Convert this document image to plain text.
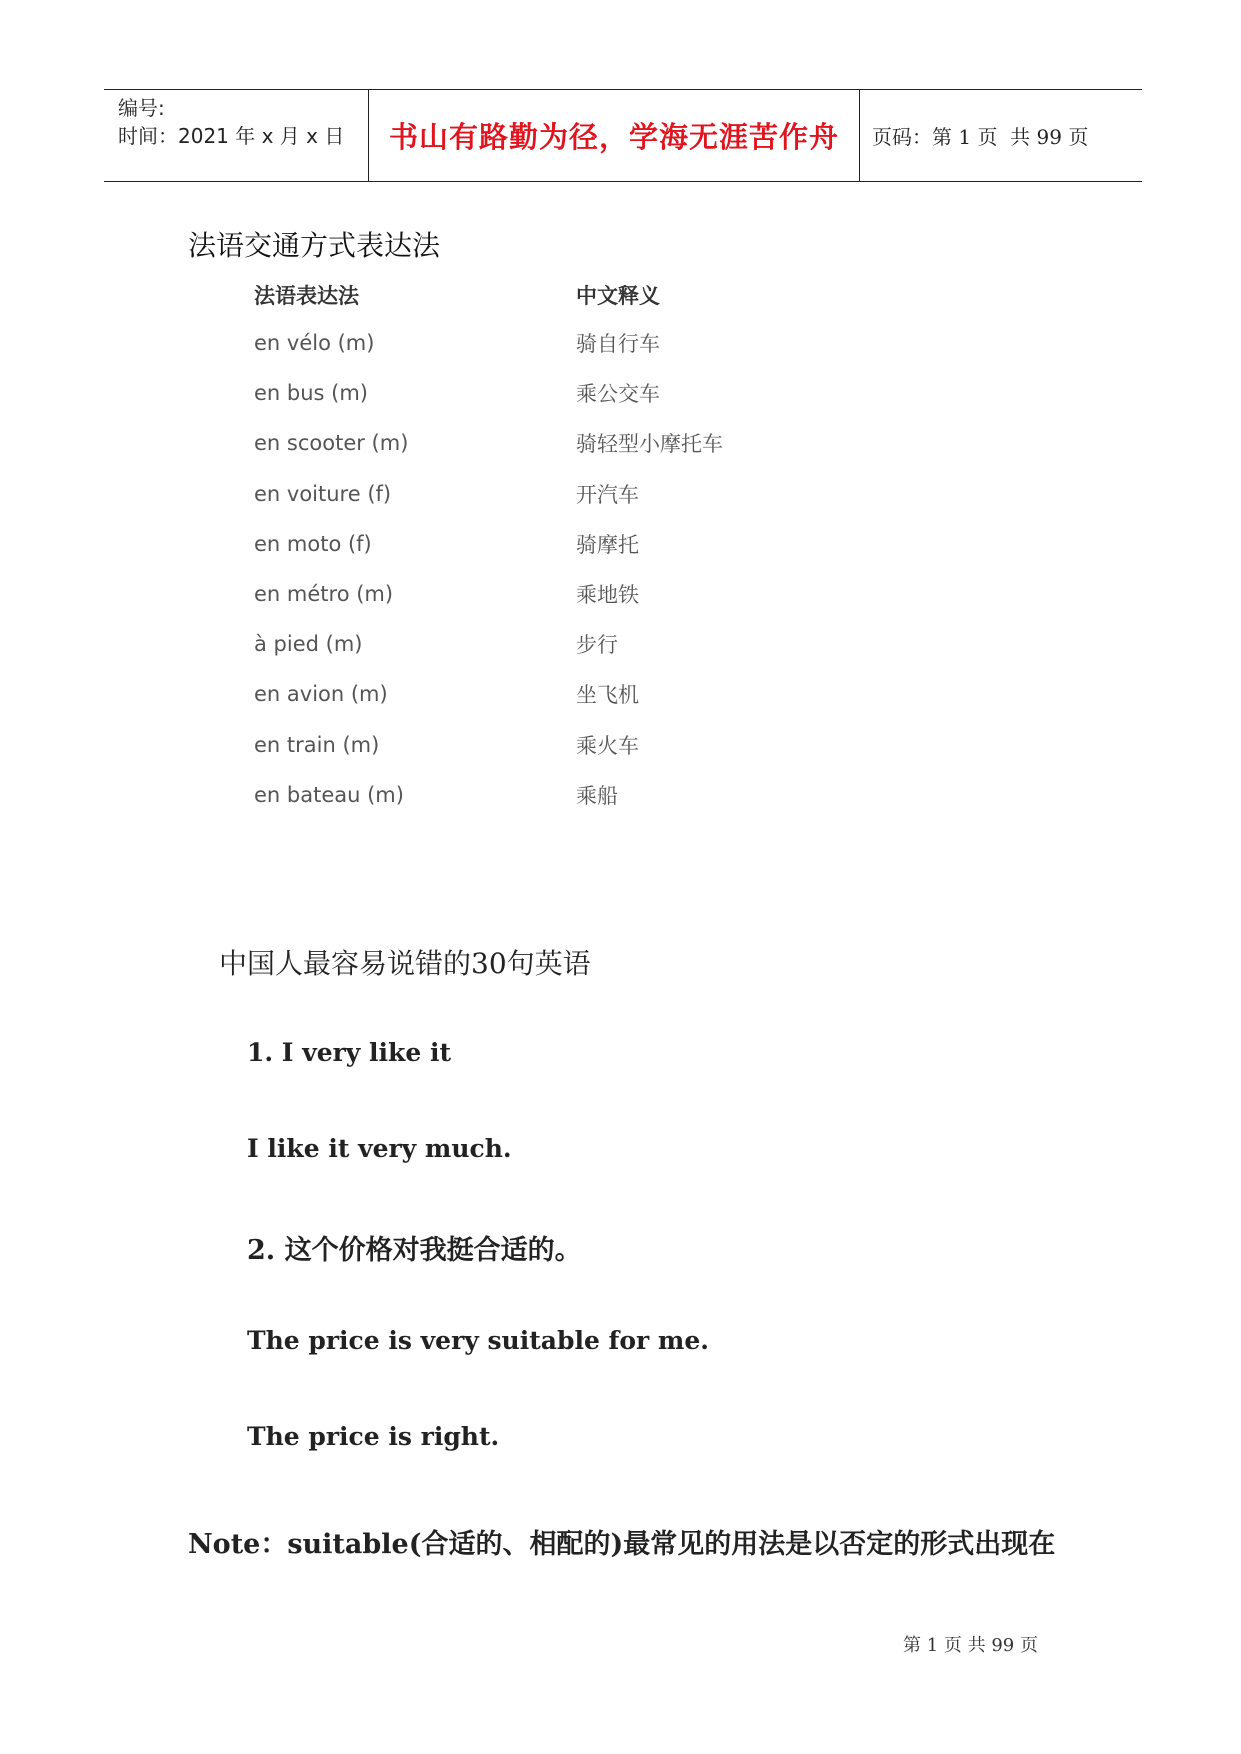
编号:
时间：2021 年 x 月 x 日	书山有路勤为径，学海无涯苦作舟	页码：第 1 页  共 99 页
法语交通方式表达法
法语表达法	中文释义
en vélo (m)	骑自行车
en bus (m)	乘公交车
en scooter (m)	骑轻型小摩托车
en voiture (f)	开汽车
en moto (f)	骑摩托
en métro (m)	乘地铁
à pied (m)	步行
en avion (m)	坐飞机
en train (m)	乘火车
en bateau (m)	乘船
中国人最容易说错的30句英语
1. I very like it
I like it very much.
2. 这个价格对我挺合适的。
The price is very suitable for me.
The price is right.
Note：suitable(合适的、相配的)最常见的用法是以否定的形式出现在
第 1 页 共 99 页
